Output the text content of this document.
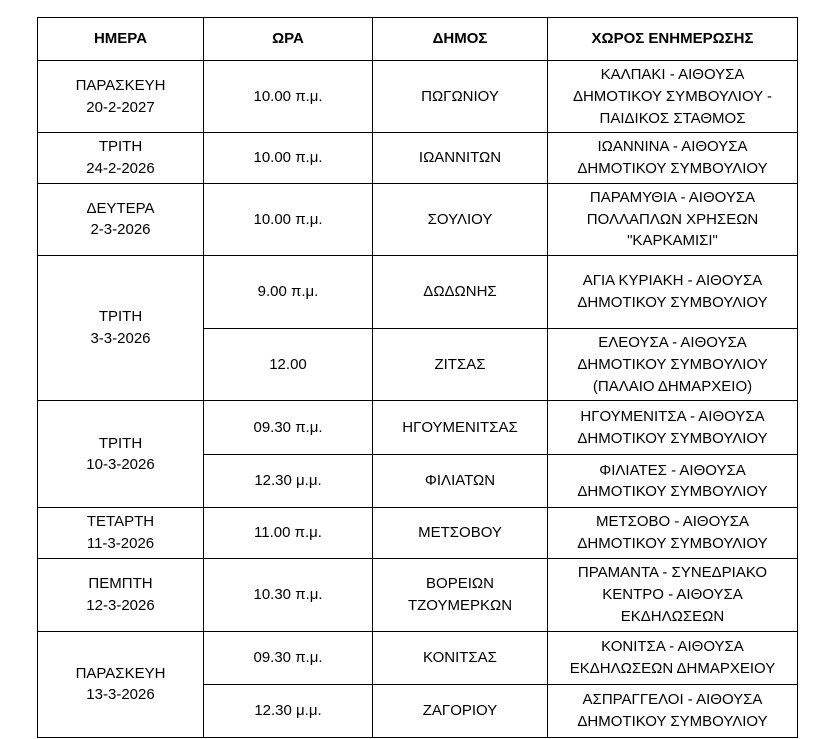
ΗΜΕΡΑ	ΩΡΑ	ΔΗΜΟΣ	ΧΩΡΟΣ ΕΝΗΜΕΡΩΣΗΣ

ΠΑΡΑΣΚΕΥΗ
20-2-2027	10.00 π.μ.	ΠΩΓΩΝΙΟΥ	ΚΑΛΠΑΚΙ - ΑΙΘΟΥΣΑ ΔΗΜΟΤΙΚΟΥ ΣΥΜΒΟΥΛΙΟΥ - ΠΑΙΔΙΚΟΣ ΣΤΑΘΜΟΣ

ΤΡΙΤΗ
24-2-2026	10.00 π.μ.	ΙΩΑΝΝΙΤΩΝ	ΙΩΑΝΝΙΝΑ - ΑΙΘΟΥΣΑ ΔΗΜΟΤΙΚΟΥ ΣΥΜΒΟΥΛΙΟΥ

ΔΕΥΤΕΡΑ
2-3-2026	10.00 π.μ.	ΣΟΥΛΙΟΥ	ΠΑΡΑΜΥΘΙΑ - ΑΙΘΟΥΣΑ ΠΟΛΛΑΠΛΩΝ ΧΡΗΣΕΩΝ "ΚΑΡΚΑΜΙΣΙ"

ΤΡΙΤΗ
3-3-2026	9.00 π.μ.	ΔΩΔΩΝΗΣ	ΑΓΙΑ ΚΥΡΙΑΚΗ - ΑΙΘΟΥΣΑ ΔΗΜΟΤΙΚΟΥ ΣΥΜΒΟΥΛΙΟΥ
	12.00	ΖΙΤΣΑΣ	ΕΛΕΟΥΣΑ - ΑΙΘΟΥΣΑ ΔΗΜΟΤΙΚΟΥ ΣΥΜΒΟΥΛΙΟΥ (ΠΑΛΑΙΟ ΔΗΜΑΡΧΕΙΟ)

ΤΡΙΤΗ
10-3-2026	09.30 π.μ.	ΗΓΟΥΜΕΝΙΤΣΑΣ	ΗΓΟΥΜΕΝΙΤΣΑ - ΑΙΘΟΥΣΑ ΔΗΜΟΤΙΚΟΥ ΣΥΜΒΟΥΛΙΟΥ
	12.30 μ.μ.	ΦΙΛΙΑΤΩΝ	ΦΙΛΙΑΤΕΣ - ΑΙΘΟΥΣΑ ΔΗΜΟΤΙΚΟΥ ΣΥΜΒΟΥΛΙΟΥ

ΤΕΤΑΡΤΗ
11-3-2026	11.00 π.μ.	ΜΕΤΣΟΒΟΥ	ΜΕΤΣΟΒΟ - ΑΙΘΟΥΣΑ ΔΗΜΟΤΙΚΟΥ ΣΥΜΒΟΥΛΙΟΥ

ΠΕΜΠΤΗ
12-3-2026	10.30 π.μ.	ΒΟΡΕΙΩΝ ΤΖΟΥΜΕΡΚΩΝ	ΠΡΑΜΑΝΤΑ - ΣΥΝΕΔΡΙΑΚΟ ΚΕΝΤΡΟ - ΑΙΘΟΥΣΑ ΕΚΔΗΛΩΣΕΩΝ

ΠΑΡΑΣΚΕΥΗ
13-3-2026	09.30 π.μ.	ΚΟΝΙΤΣΑΣ	ΚΟΝΙΤΣΑ - ΑΙΘΟΥΣΑ ΕΚΔΗΛΩΣΕΩΝ ΔΗΜΑΡΧΕΙΟΥ
	12.30 μ.μ.	ΖΑΓΟΡΙΟΥ	ΑΣΠΡΑΓΓΕΛΟΙ - ΑΙΘΟΥΣΑ ΔΗΜΟΤΙΚΟΥ ΣΥΜΒΟΥΛΙΟΥ
